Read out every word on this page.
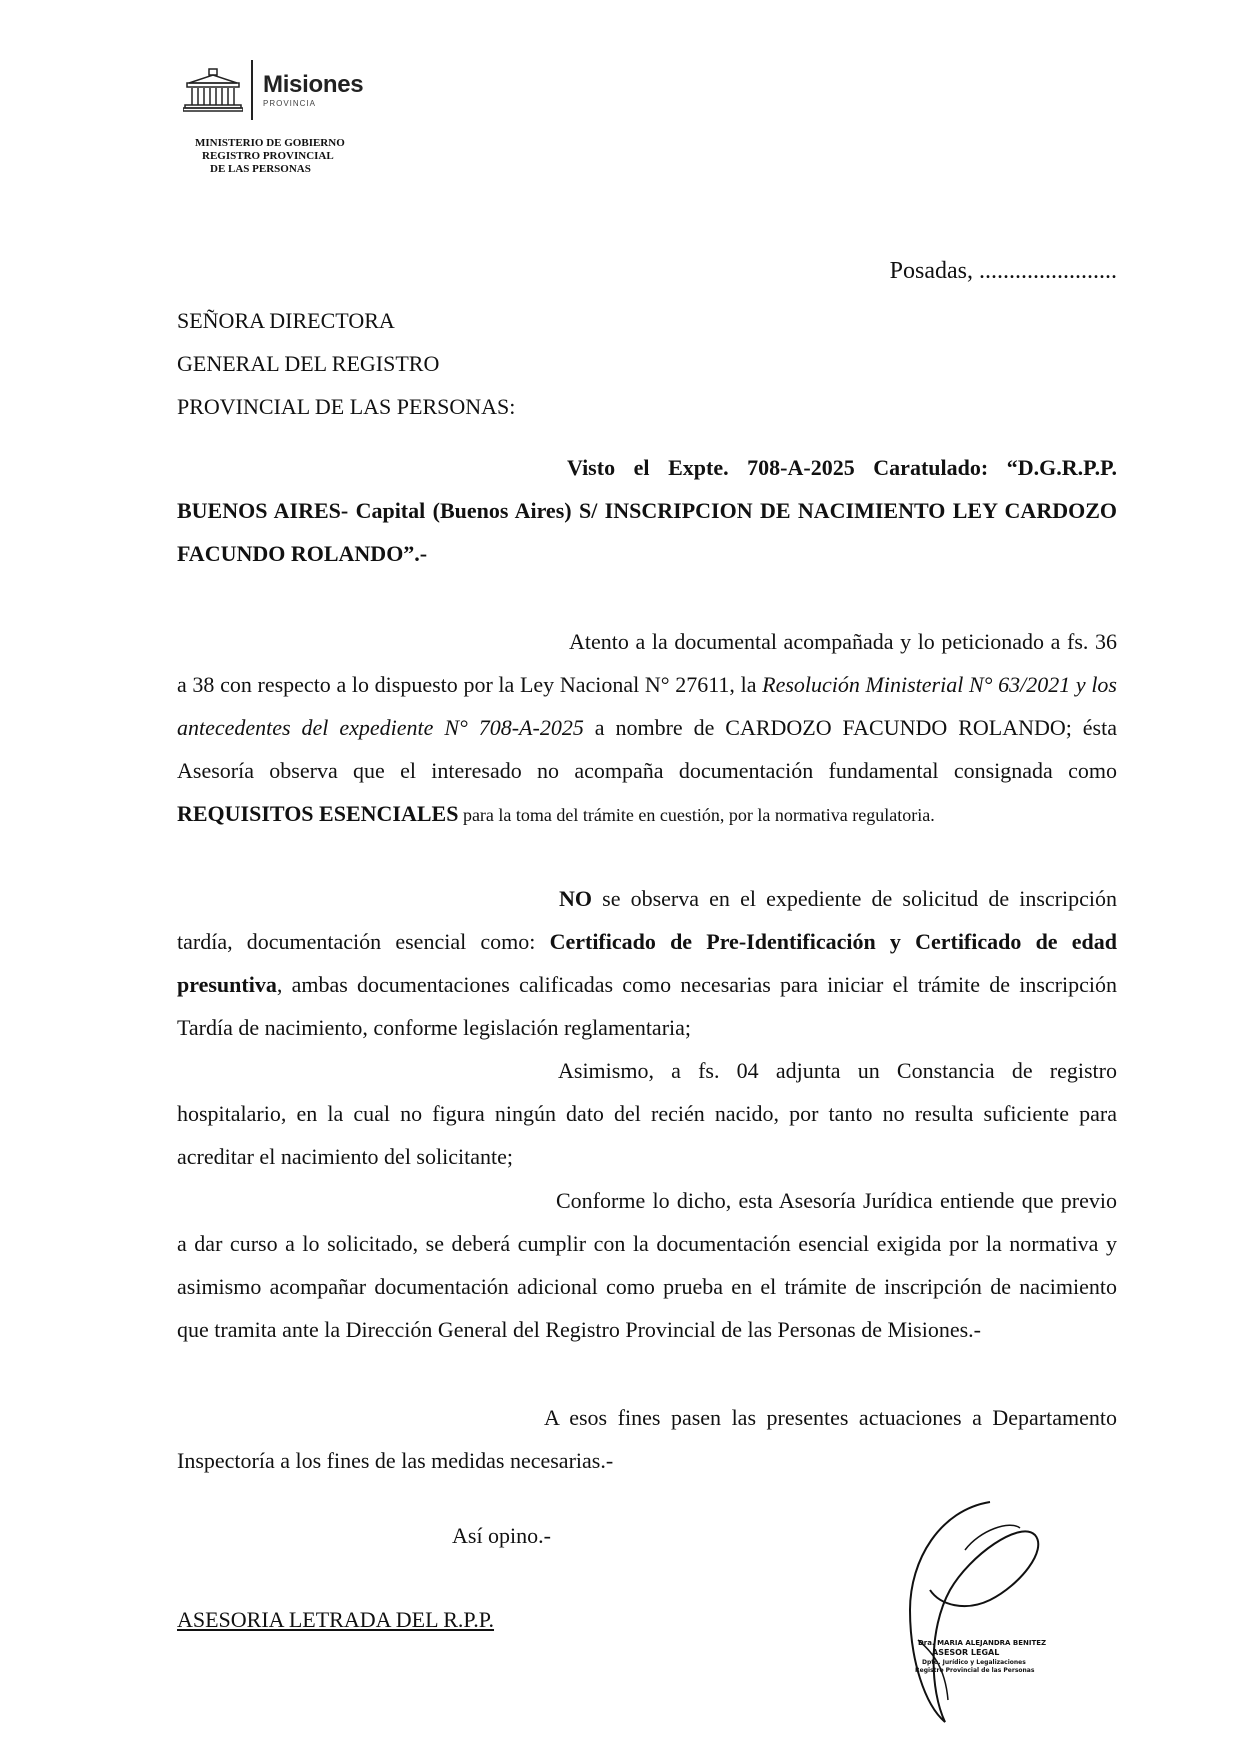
Misiones
PROVINCIA
MINISTERIO DE GOBIERNO
REGISTRO PROVINCIAL
DE LAS PERSONAS
Posadas, .......................
SEÑORA DIRECTORA
GENERAL DEL REGISTRO
PROVINCIAL DE LAS PERSONAS:
Visto el Expte. 708-A-2025 Caratulado: “D.G.R.P.P. BUENOS AIRES- Capital (Buenos Aires) S/ INSCRIPCION DE NACIMIENTO LEY CARDOZO FACUNDO ROLANDO”.-
Atento a la documental acompañada y lo peticionado a fs. 36 a 38 con respecto a lo dispuesto por la Ley Nacional N° 27611, la Resolución Ministerial N° 63/2021 y los antecedentes del expediente N° 708-A-2025 a nombre de CARDOZO FACUNDO ROLANDO; ésta Asesoría observa que el interesado no acompaña documentación fundamental consignada como REQUISITOS ESENCIALES para la toma del trámite en cuestión, por la normativa regulatoria.
NO se observa en el expediente de solicitud de inscripción tardía, documentación esencial como: Certificado de Pre-Identificación y Certificado de edad presuntiva, ambas documentaciones calificadas como necesarias para iniciar el trámite de inscripción Tardía de nacimiento, conforme legislación reglamentaria;
Asimismo, a fs. 04 adjunta un Constancia de registro hospitalario, en la cual no figura ningún dato del recién nacido, por tanto no resulta suficiente para acreditar el nacimiento del solicitante;
Conforme lo dicho, esta Asesoría Jurídica entiende que previo a dar curso a lo solicitado, se deberá cumplir con la documentación esencial exigida por la normativa y asimismo acompañar documentación adicional como prueba en el trámite de inscripción de nacimiento que tramita ante la Dirección General del Registro Provincial de las Personas de Misiones.-
A esos fines pasen las presentes actuaciones a Departamento Inspectoría a los fines de las medidas necesarias.-
Así opino.-
ASESORIA LETRADA DEL R.P.P.
Dra. MARIA ALEJANDRA BENITEZ
ASESOR LEGAL
Dpto. Jurídico y Legalizaciones
Registro Provincial de las Personas
